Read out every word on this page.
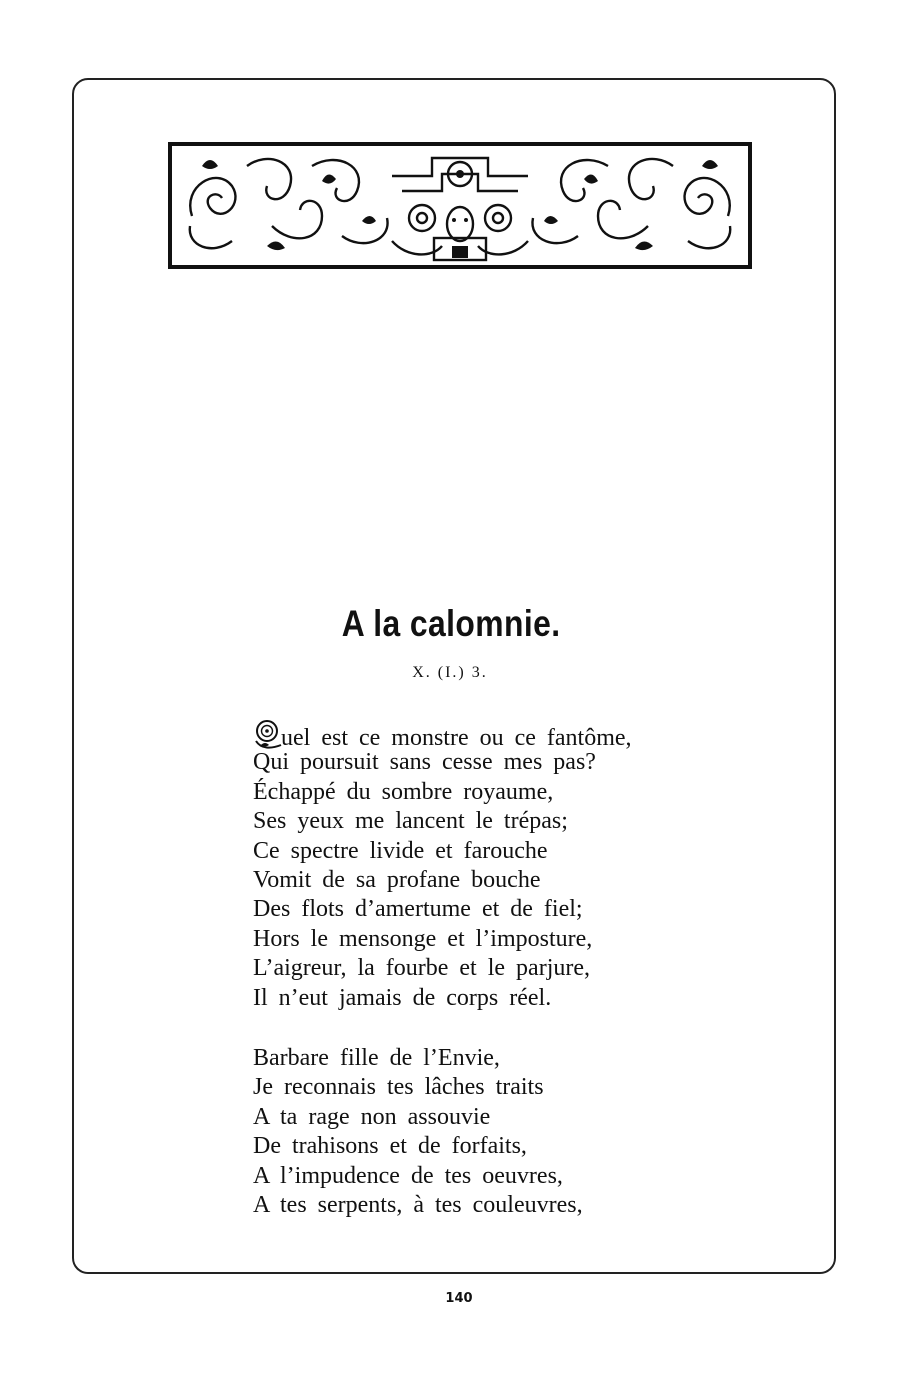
A la calomnie.
X. (I.) 3.
uel est ce monstre ou ce fantôme,
Qui poursuit sans cesse mes pas?
Échappé du sombre royaume,
Ses yeux me lancent le trépas;
Ce spectre livide et farouche
Vomit de sa profane bouche
Des flots d’amertume et de fiel;
Hors le mensonge et l’imposture,
L’aigreur, la fourbe et le parjure,
Il n’eut jamais de corps réel.
Barbare fille de l’Envie,
Je reconnais tes lâches traits
A ta rage non assouvie
De trahisons et de forfaits,
A l’impudence de tes oeuvres,
A tes serpents, à tes couleuvres,
140
